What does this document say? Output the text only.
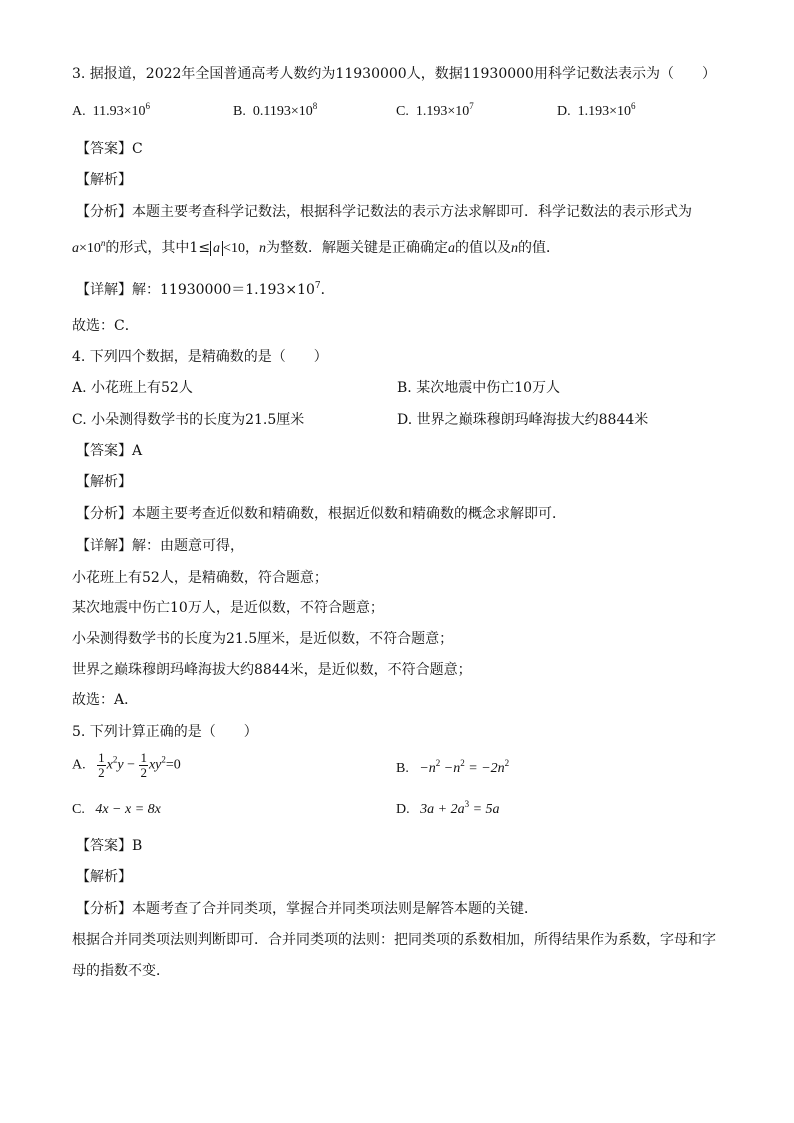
3. 据报道，2022年全国普通高考人数约为11930000人，数据11930000用科学记数法表示为（　　）
A. $11.93\times 10^6$	B. $0.1193\times 10^8$	C. $1.193\times 10^7$	D. $1.193\times 10^6$
【答案】C
【解析】
【分析】本题主要考查科学记数法，根据科学记数法的表示方法求解即可．科学记数法的表示形式为
$a\times 10^n$的形式，其中1≤ a <10，n为整数．解题关键是正确确定a的值以及n的值．
【详解】解：$11930000=1.193\times 10^7$．
故选：C．
4. 下列四个数据，是精确数的是（　　）
A. 小花班上有52人	B. 某次地震中伤亡10万人
C. 小朵测得数学书的长度为21.5厘米	D. 世界之巅珠穆朗玛峰海拔大约8844米
【答案】A
【解析】
【分析】本题主要考查近似数和精确数，根据近似数和精确数的概念求解即可．
【详解】解：由题意可得，
小花班上有52人，是精确数，符合题意；
某次地震中伤亡10万人，是近似数，不符合题意；
小朵测得数学书的长度为21.5厘米，是近似数，不符合题意；
世界之巅珠穆朗玛峰海拔大约8844米，是近似数，不符合题意；
故选：A．
5. 下列计算正确的是（　　）
A. $\frac{1}{2} x^2y - \frac{1}{2} xy^2=0$	B. $-n^2 -n^2 = -2n^2$
C. 4x − x = 8x	D. $3a + 2a^3 = 5a$
【答案】B
【解析】
【分析】本题考查了合并同类项，掌握合并同类项法则是解答本题的关键．
根据合并同类项法则判断即可．合并同类项的法则：把同类项的系数相加，所得结果作为系数，字母和字
母的指数不变．
